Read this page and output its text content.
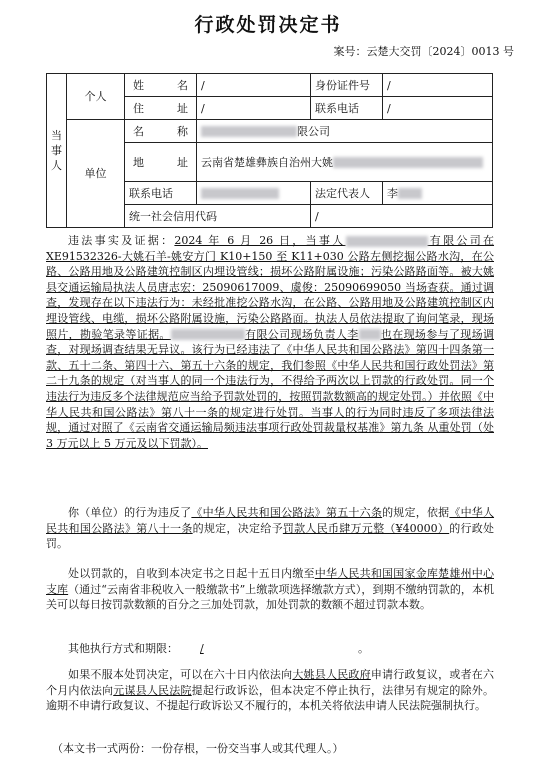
行政处罚决定书
案号：云楚大交罚〔2024〕0013 号
当事人	个人	姓 名	/	身份证件号	/

		住 址	/	联系电话	/
	单位	名 称	限公司		

		地 址	云南省楚雄彝族自治州大姚		
		联系电话		法定代表人	李
		统一社会信用代码		/	

违法事实及证据：2024 年 6 月 26 日，当事人	有限公司在 XE91532326-大姚石羊-姚安方门 K10+150 至 K11+030 公路左侧挖掘公路水沟，在公路、公路用地及公路建筑控制区内埋设管线；损坏公路附属设施；污染公路路面等。被大姚县交通运输局执法人员唐志宏：25090617009、虞俊：25090699050 当场查获。通过调查，发现存在以下违法行为：未经批准挖公路水沟，在公路、公路用地及公路建筑控制区内埋设管线、电缆，损坏公路附属设施，污染公路路面。执法人员依法提取了询问笔录，现场照片，勘验笔录等证据。	有限公司现场负责人李 也在现场参与了现场调查，对现场调查结果无异议。该行为已经违法了《中华人民共和国公路法》第四十四条第一款、五十二条、第四十六、第五十六条的规定，我们参照《中华人民共和国行政处罚法》第二十九条的规定（对当事人的同一个违法行为，不得给予两次以上罚款的行政处罚。同一个违法行为违反多个法律规范应当给予罚款处罚的，按照罚款数额高的规定处罚。）并依照《中华人民共和国公路法》第八十一条的规定进行处罚。当事人的行为同时违反了多项法律法规，通过对照了《云南省交通运输局频违法事项行政处罚裁量权基准》第九条 从重处罚（处 3 万元以上 5 万元及以下罚款）。

你（单位）的行为违反了《中华人民共和国公路法》第五十六条的规定，依据《中华人民共和国公路法》第八十一条的规定，决定给予罚款人民币肆万元整（¥40000）的行政处罚。

处以罚款的，自收到本决定书之日起十五日内缴至中华人民共和国国家金库楚雄州中心支库（通过“云南省非税收入一般缴款书”上缴款项选择缴款方式），到期不缴纳罚款的，本机关可以每日按罚款数额的百分之三加处罚款，加处罚款的数额不超过罚款本数。

其他执行方式和期限： /	。

如果不服本处罚决定，可以在六十日内依法向大姚县人民政府申请行政复议，或者在六个月内依法向元谋县人民法院提起行政诉讼，但本决定不停止执行，法律另有规定的除外。逾期不申请行政复议、不提起行政诉讼又不履行的，本机关将依法申请人民法院强制执行。

（本文书一式两份：一份存根，一份交当事人或其代理人。）
